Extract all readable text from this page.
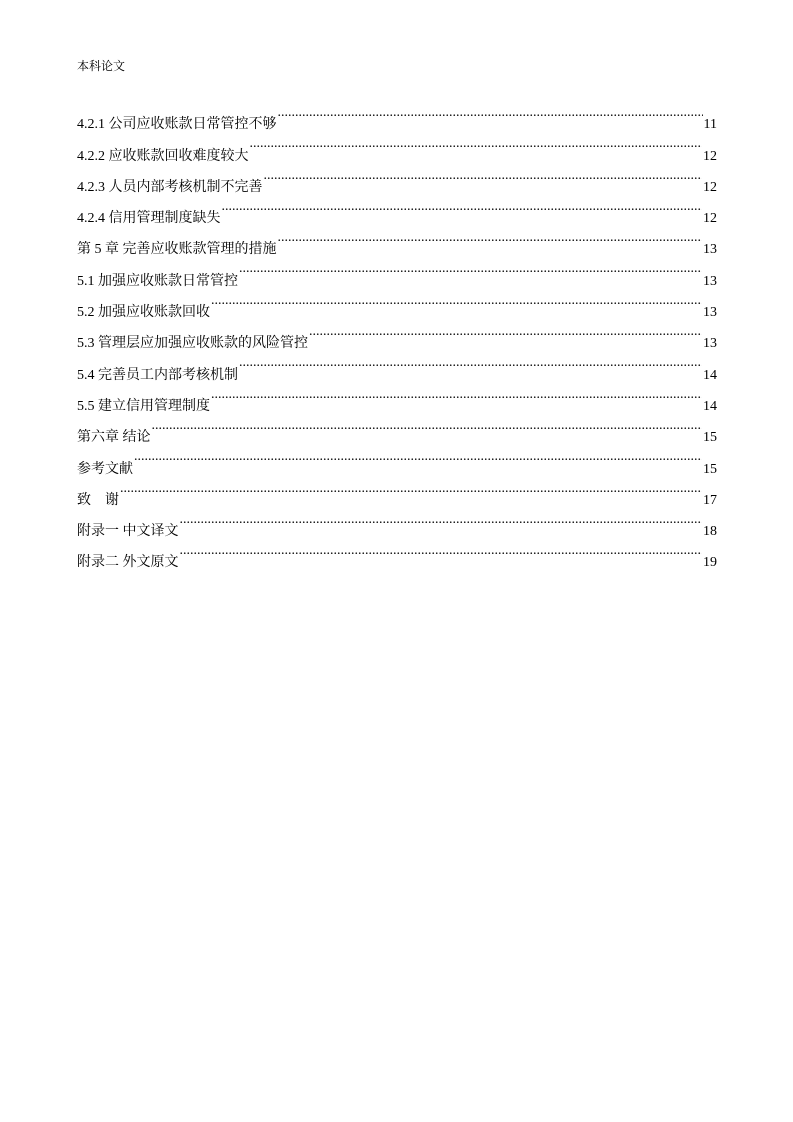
本科论文
4.2.1 公司应收账款日常管控不够 .....	11
4.2.2 应收账款回收难度较大 .....	12
4.2.3 人员内部考核机制不完善 .....	12
4.2.4 信用管理制度缺失 .....	12
第 5 章 完善应收账款管理的措施 .....	13
5.1 加强应收账款日常管控 .....	13
5.2 加强应收账款回收 .....	13
5.3 管理层应加强应收账款的风险管控 .....	13
5.4 完善员工内部考核机制 .....	14
5.5 建立信用管理制度 .....	14
第六章 结论 .....	15
参考文献 .....	15
致    谢 .....	17
附录一 中文译文 .....	18
附录二 外文原文 .....	19
